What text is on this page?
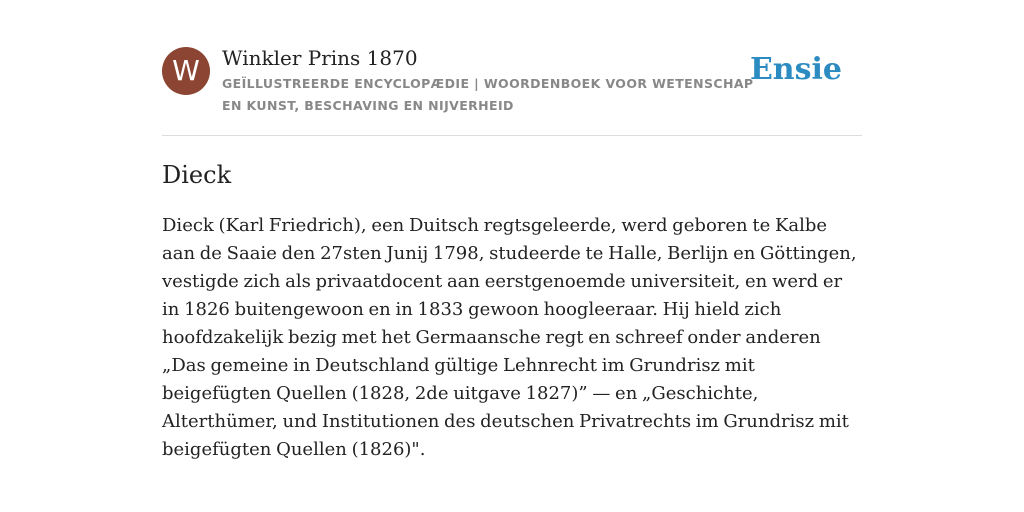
W	Winkler Prins 1870
GEÏLLUSTREERDE ENCYCLOPÆDIE | WOORDENBOEK VOOR WETENSCHAP EN KUNST, BESCHAVING EN NIJVERHEID
Ensie
Dieck
Dieck (Karl Friedrich), een Duitsch regtsgeleerde, werd geboren te Kalbe aan de Saaie den 27sten Junij 1798, studeerde te Halle, Berlijn en Göttingen, vestigde zich als privaatdocent aan eerstgenoemde universiteit, en werd er in 1826 buitengewoon en in 1833 gewoon hoogleeraar. Hij hield zich hoofdzakelijk bezig met het Germaansche regt en schreef onder anderen „Das gemeine in Deutschland gültige Lehnrecht im Grundrisz mit beigefügten Quellen (1828, 2de uitgave 1827)” — en „Geschichte, Alterthümer, und Institutionen des deutschen Privatrechts im Grundrisz mit beigefügten Quellen (1826)".
